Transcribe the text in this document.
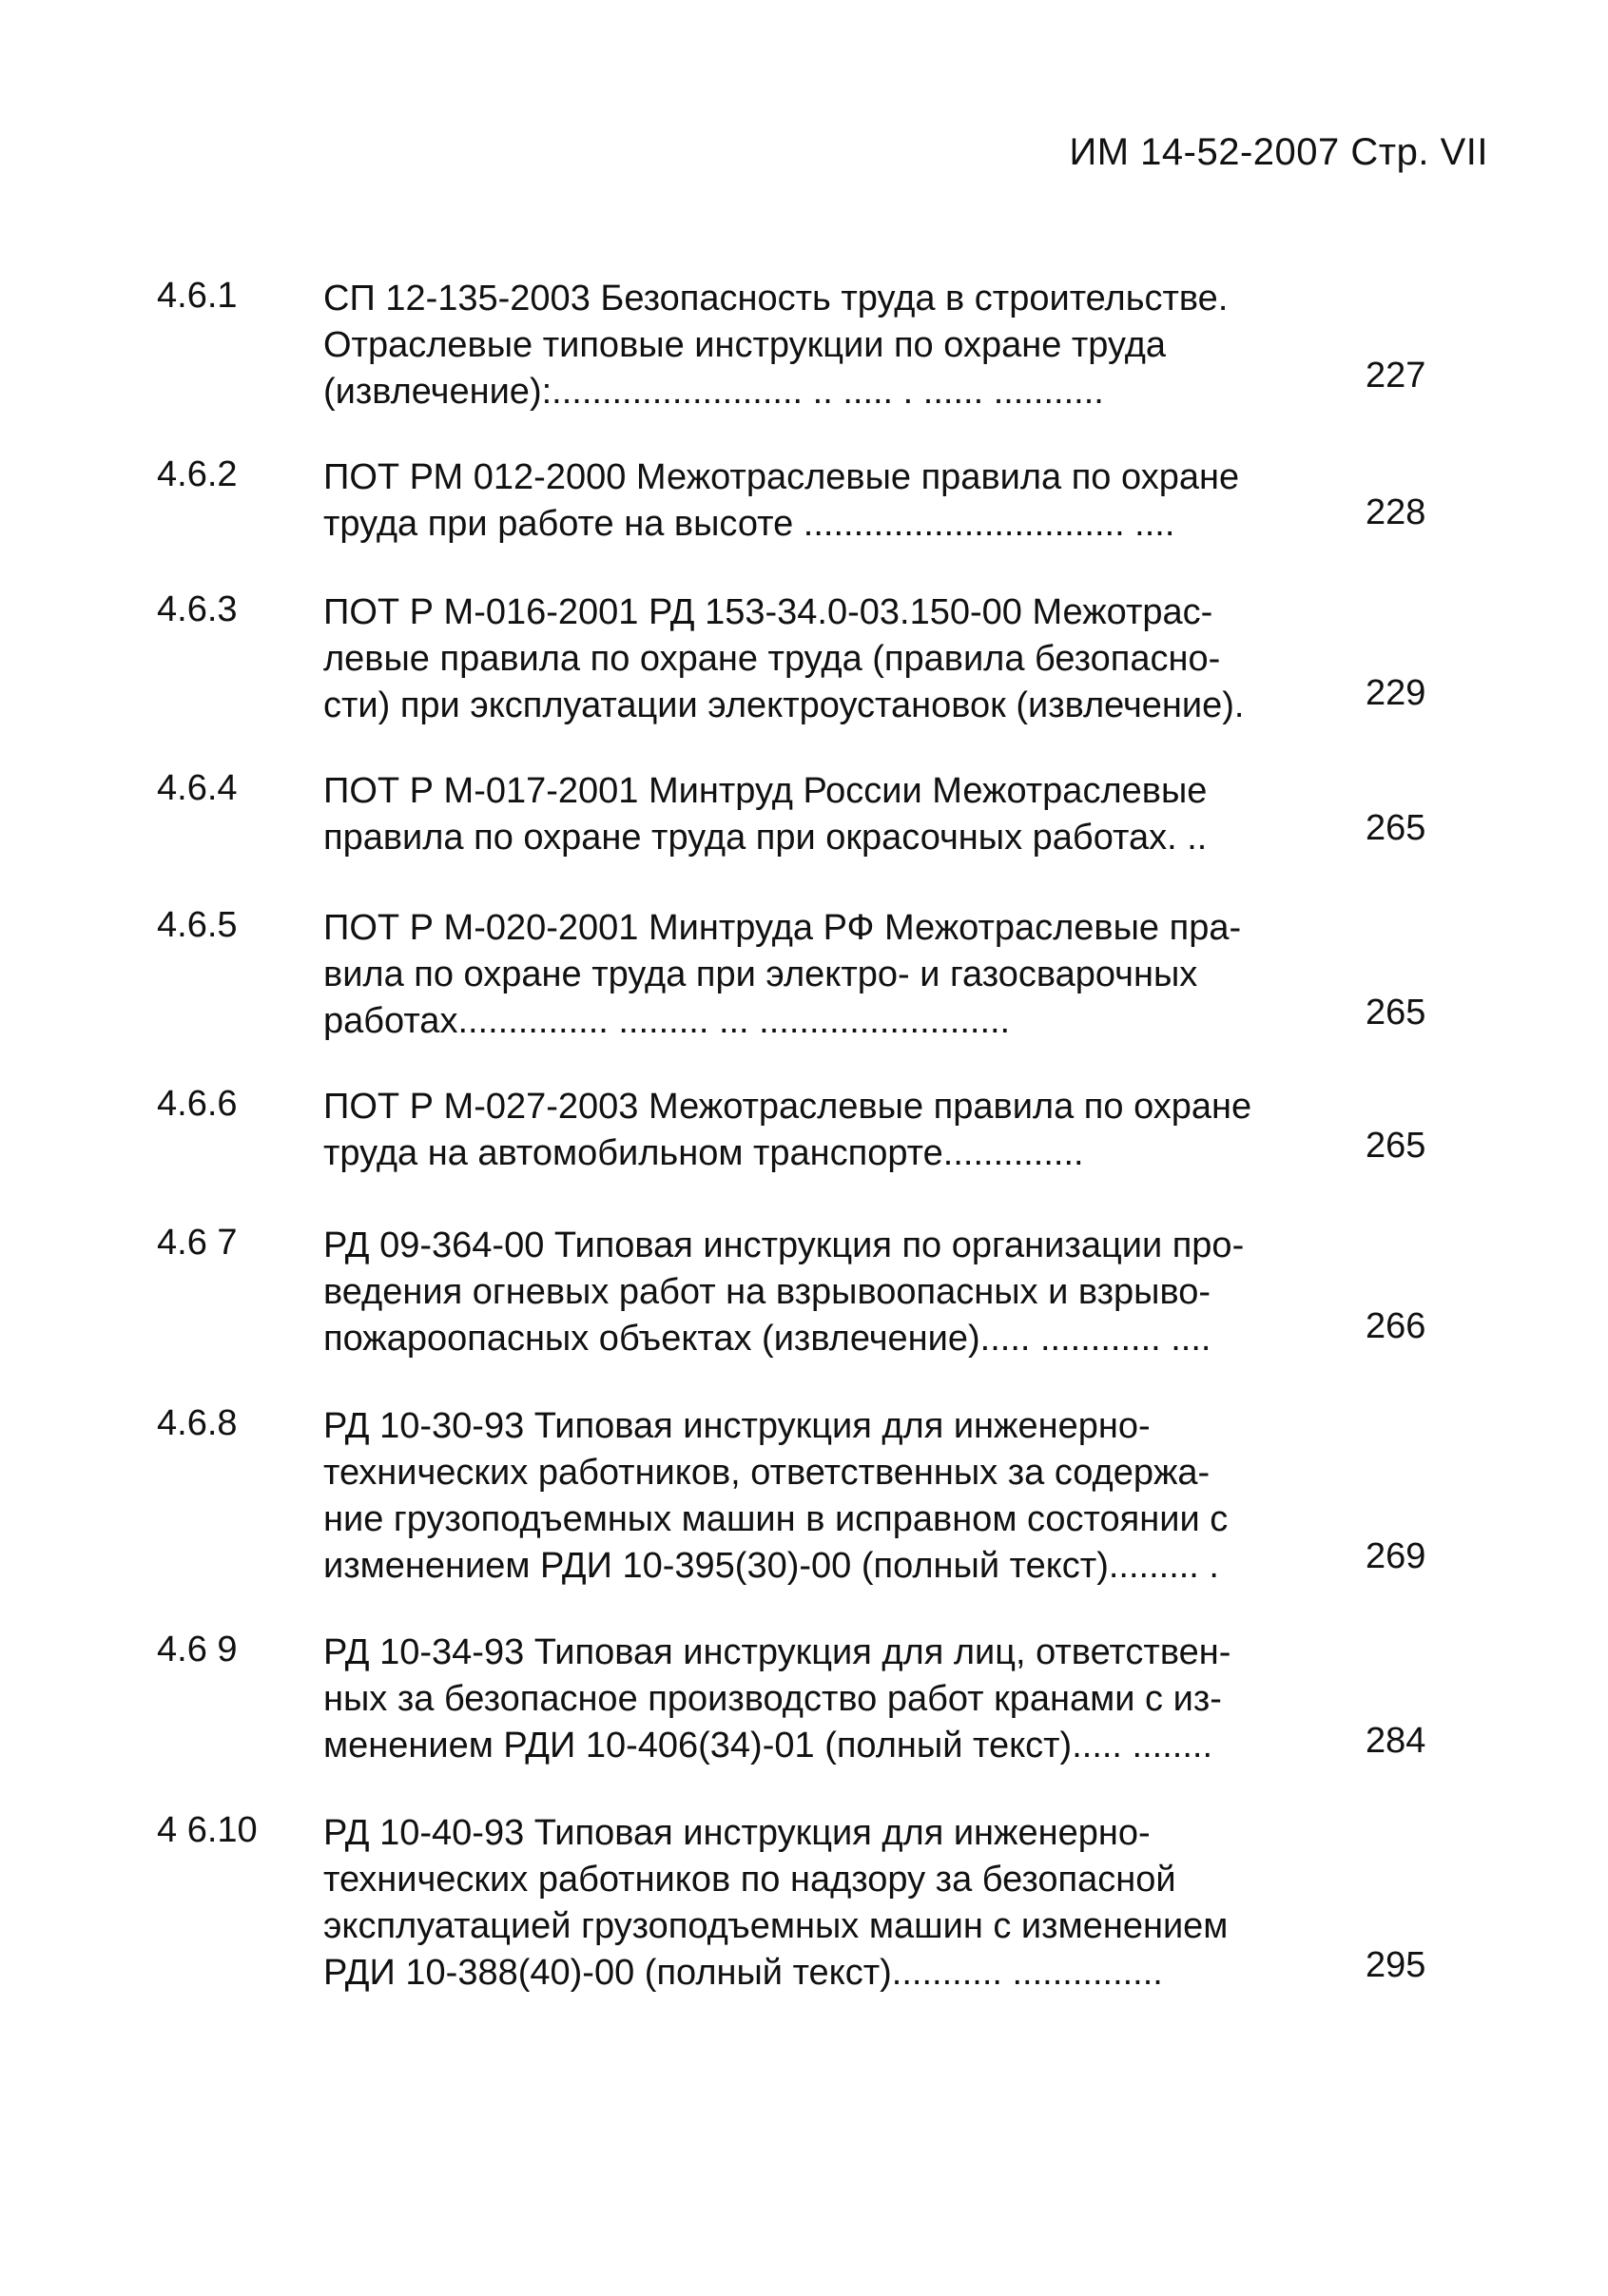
ИМ 14-52-2007 Стр. VII
4.6.1 СП 12-135-2003 Безопасность труда в строительстве.
Отраслевые типовые инструкции по охране труда
(извлечение):......................... .. ..... . ...... ...........	227
4.6.2 ПОТ РМ 012-2000 Межотраслевые правила по охране
труда при работе на высоте ................................ ....	228
4.6.3 ПОТ Р М-016-2001 РД 153-34.0-03.150-00 Межотрас-
левые правила по охране труда (правила безопасно-
сти) при эксплуатации электроустановок (извлечение).	229
4.6.4 ПОТ Р М-017-2001 Минтруд России Межотраслевые
правила по охране труда при окрасочных работах. ..	265
4.6.5 ПОТ Р М-020-2001 Минтруда РФ Межотраслевые пра-
вила по охране труда при электро- и газосварочных
работах............... ......... ... .........................	265
4.6.6 ПОТ Р М-027-2003 Межотраслевые правила по охране
труда на автомобильном транспорте..............	265
4.6 7 РД 09-364-00 Типовая инструкция по организации про-
ведения огневых работ на взрывоопасных и взрыво-
пожароопасных объектах (извлечение)..... ............ ....	266
4.6.8 РД 10-30-93 Типовая инструкция для инженерно-
технических работников, ответственных за содержа-
ние грузоподъемных машин в исправном состоянии с
изменением РДИ 10-395(30)-00 (полный текст)......... .	269
4.6 9 РД 10-34-93 Типовая инструкция для лиц, ответствен-
ных за безопасное производство работ кранами с из-
менением РДИ 10-406(34)-01 (полный текст)..... ........	284
4 6.10 РД 10-40-93 Типовая инструкция для инженерно-
технических работников по надзору за безопасной
эксплуатацией грузоподъемных машин с изменением
РДИ 10-388(40)-00 (полный текст)........... ...............	295
